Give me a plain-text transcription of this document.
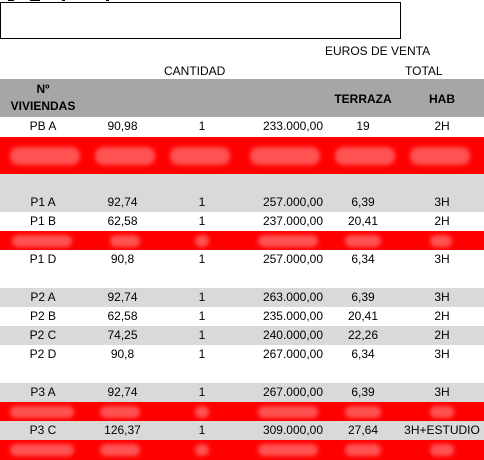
EUROS DE VENTA
CANTIDAD	TOTAL
Nº
VIVIENDAS	TERRAZA	HAB
PB A	90,98	1	233.000,00	19	2H
P1 A	92,74	1	257.000,00	6,39	3H
P1 B	62,58	1	237.000,00	20,41	2H
P1 D	90,8	1	257.000,00	6,34	3H
P2 A	92,74	1	263.000,00	6,39	3H
P2 B	62,58	1	235.000,00	20,41	2H
P2 C	74,25	1	240.000,00	22,26	2H
P2 D	90,8	1	267.000,00	6,34	3H
P3 A	92,74	1	267.000,00	6,39	3H
P3 C	126,37	1	309.000,00	27,64	3H+ESTUDIO
